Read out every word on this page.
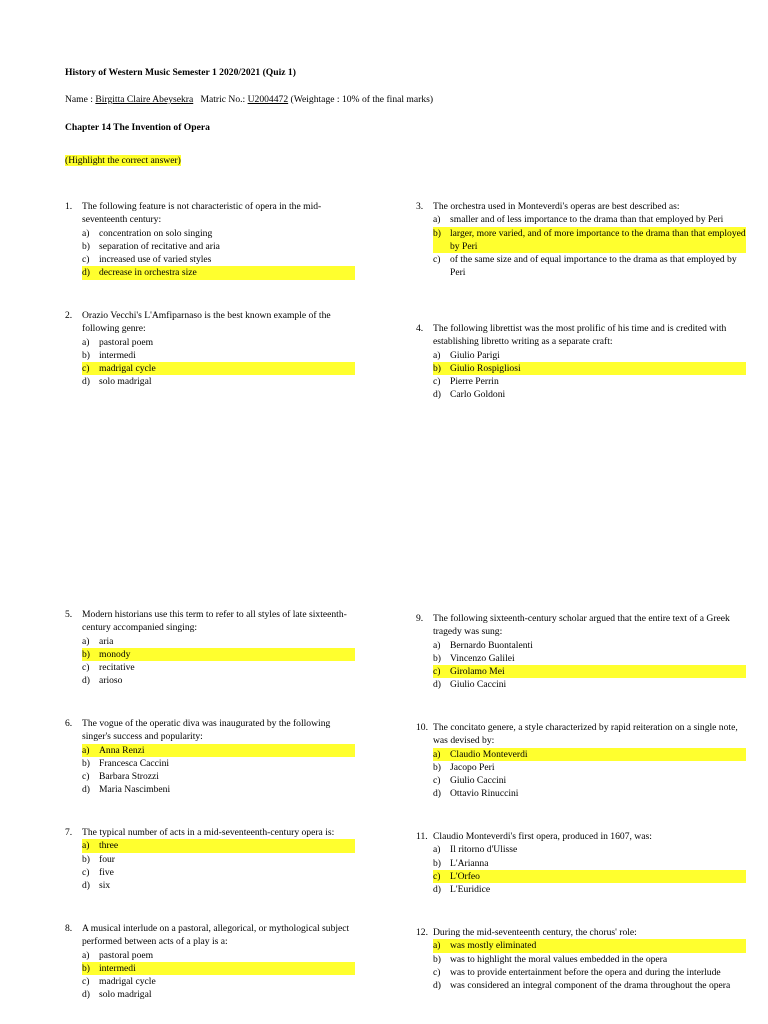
History of Western Music Semester 1 2020/2021 (Quiz 1)
Name : Birgitta Claire Abeysekra   Matric No.: U2004472 (Weightage : 10% of the final marks)
Chapter 14 The Invention of Opera
(Highlight the correct answer)
1.	The following feature is not characteristic of opera in the mid-seventeenth century:
a) concentration on solo singing
b) separation of recitative and aria
c) increased use of varied styles
d) decrease in orchestra size
2.	Orazio Vecchi's L'Amfiparnaso is the best known example of the following genre:
a) pastoral poem
b) intermedi
c) madrigal cycle
d) solo madrigal
3.	The orchestra used in Monteverdi's operas are best described as:
a) smaller and of less importance to the drama than that employed by Peri
b) larger, more varied, and of more importance to the drama than that employed by Peri
c) of the same size and of equal importance to the drama as that employed by Peri
4.	The following librettist was the most prolific of his time and is credited with establishing libretto writing as a separate craft:
a) Giulio Parigi
b) Giulio Rospigliosi
c) Pierre Perrin
d) Carlo Goldoni
5.	Modern historians use this term to refer to all styles of late sixteenth-century accompanied singing:
a) aria
b) monody
c) recitative
d) arioso
6.	The vogue of the operatic diva was inaugurated by the following singer's success and popularity:
a) Anna Renzi
b) Francesca Caccini
c) Barbara Strozzi
d) Maria Nascimbeni
7.	The typical number of acts in a mid-seventeenth-century opera is:
a) three
b) four
c) five
d) six
8.	A musical interlude on a pastoral, allegorical, or mythological subject performed between acts of a play is a:
a) pastoral poem
b) intermedi
c) madrigal cycle
d) solo madrigal
9.	The following sixteenth-century scholar argued that the entire text of a Greek tragedy was sung:
a) Bernardo Buontalenti
b) Vincenzo Galilei
c) Girolamo Mei
d) Giulio Caccini
10. The concitato genere, a style characterized by rapid reiteration on a single note, was devised by:
a) Claudio Monteverdi
b) Jacopo Peri
c) Giulio Caccini
d) Ottavio Rinuccini
11. Claudio Monteverdi's first opera, produced in 1607, was:
a) Il ritorno d'Ulisse
b) L'Arianna
c) L'Orfeo
d) L'Euridice
12. During the mid-seventeenth century, the chorus' role:
a) was mostly eliminated
b) was to highlight the moral values embedded in the opera
c) was to provide entertainment before the opera and during the interlude
d) was considered an integral component of the drama throughout the opera
